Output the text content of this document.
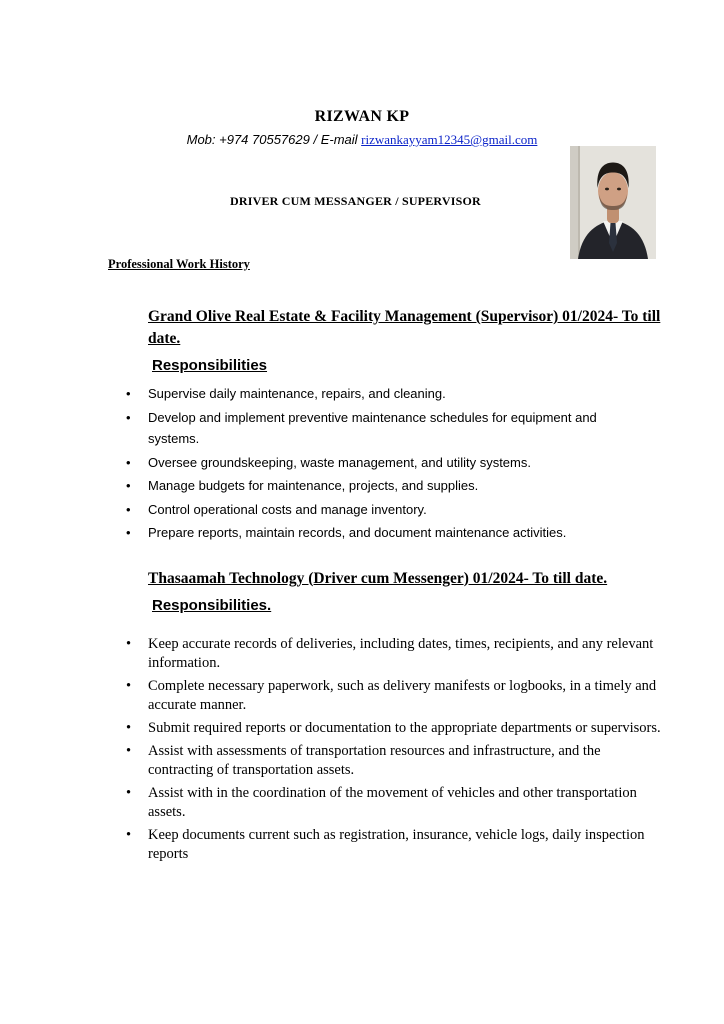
RIZWAN KP
Mob: +974 70557629 / E-mail rizwankayyam12345@gmail.com
DRIVER CUM MESSANGER / SUPERVISOR
Professional Work History
Grand Olive Real Estate & Facility Management (Supervisor) 01/2024- To till date.
Responsibilities
• Supervise daily maintenance, repairs, and cleaning.
• Develop and implement preventive maintenance schedules for equipment and systems.
• Oversee groundskeeping, waste management, and utility systems.
• Manage budgets for maintenance, projects, and supplies.
• Control operational costs and manage inventory.
• Prepare reports, maintain records, and document maintenance activities.
Thasaamah Technology (Driver cum Messenger) 01/2024- To till date.
Responsibilities.
• Keep accurate records of deliveries, including dates, times, recipients, and any relevant information.
• Complete necessary paperwork, such as delivery manifests or logbooks, in a timely and accurate manner.
• Submit required reports or documentation to the appropriate departments or supervisors.
• Assist with assessments of transportation resources and infrastructure, and the contracting of transportation assets.
• Assist with in the coordination of the movement of vehicles and other transportation assets.
• Keep documents current such as registration, insurance, vehicle logs, daily inspection reports
